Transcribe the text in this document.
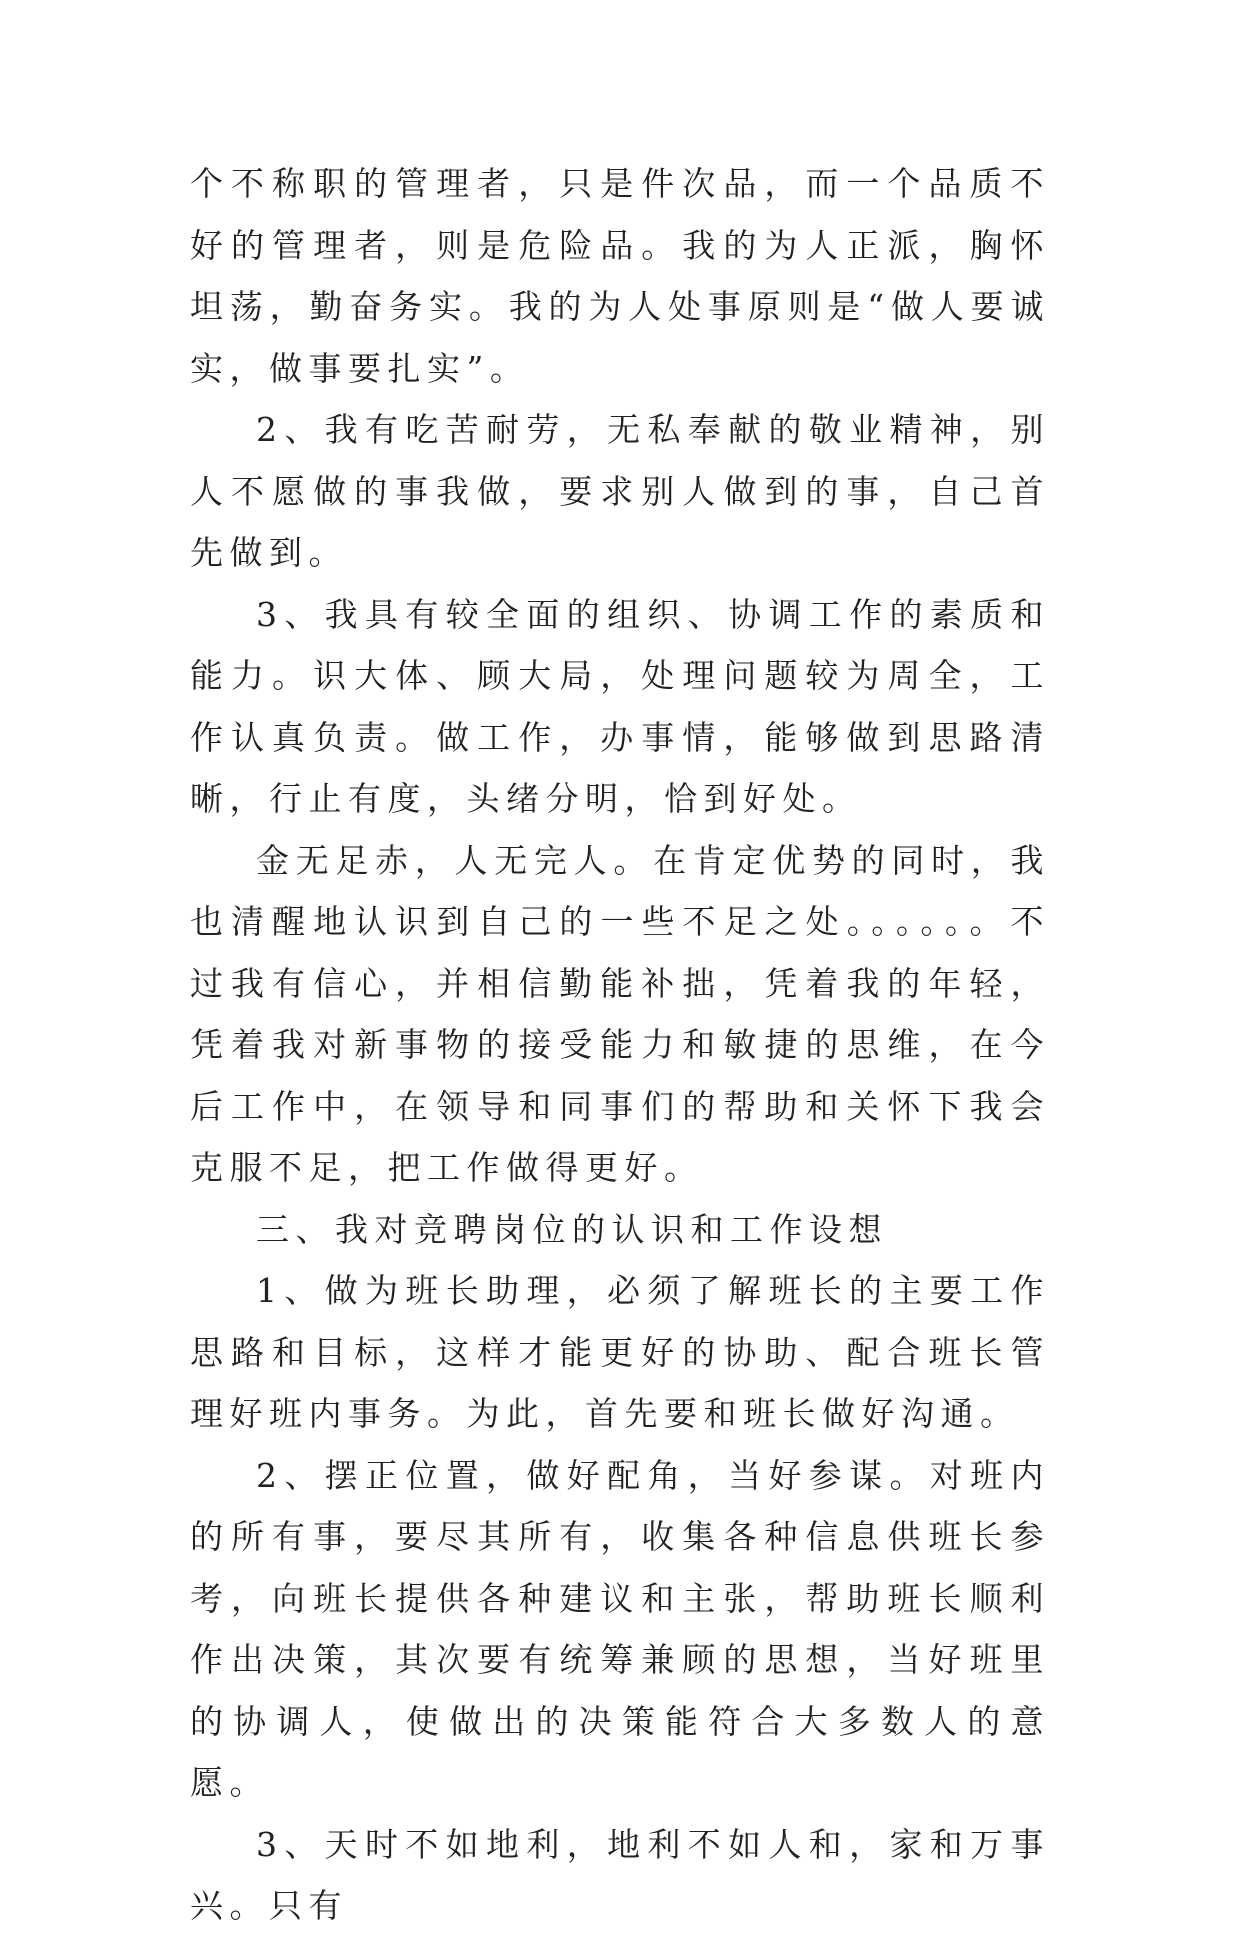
个不称职的管理者，只是件次品，而一个品质不好的管理者，则是危险品。我的为人正派，胸怀坦荡，勤奋务实。我的为人处事原则是“做人要诚实，做事要扎实”。

2、我有吃苦耐劳，无私奉献的敬业精神，别人不愿做的事我做，要求别人做到的事，自己首先做到。

3、我具有较全面的组织、协调工作的素质和能力。识大体、顾大局，处理问题较为周全，工作认真负责。做工作，办事情，能够做到思路清晰，行止有度，头绪分明，恰到好处。

金无足赤，人无完人。在肯定优势的同时，我也清醒地认识到自己的一些不足之处。。。。。。不过我有信心，并相信勤能补拙，凭着我的年轻，凭着我对新事物的接受能力和敏捷的思维，在今后工作中，在领导和同事们的帮助和关怀下我会克服不足，把工作做得更好。

三、我对竞聘岗位的认识和工作设想

1、做为班长助理，必须了解班长的主要工作思路和目标，这样才能更好的协助、配合班长管理好班内事务。为此，首先要和班长做好沟通。

2、摆正位置，做好配角，当好参谋。对班内的所有事，要尽其所有，收集各种信息供班长参考，向班长提供各种建议和主张，帮助班长顺利作出决策，其次要有统筹兼顾的思想，当好班里的协调人，使做出的决策能符合大多数人的意愿。

3、天时不如地利，地利不如人和，家和万事兴。只有
